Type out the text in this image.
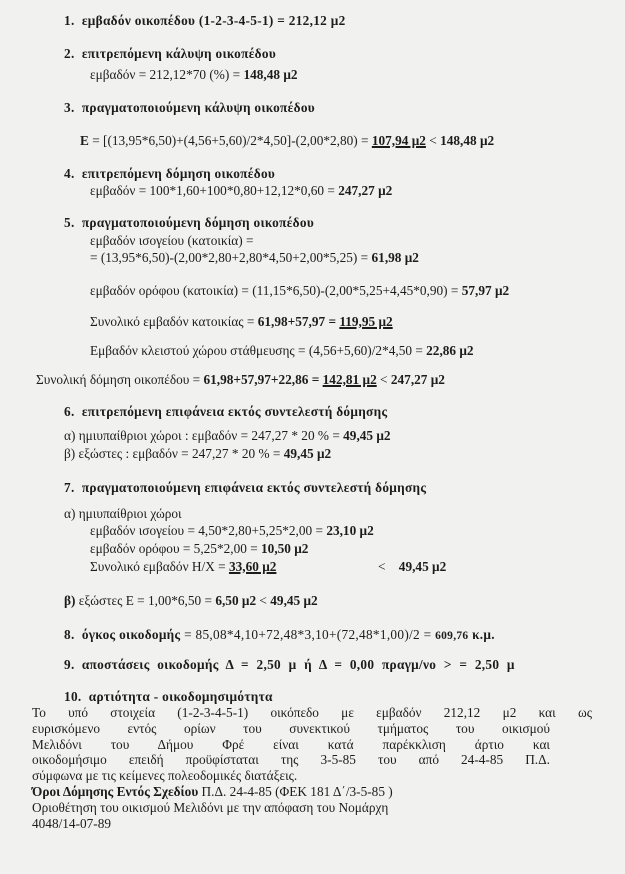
1. εμβαδόν οικοπέδου (1-2-3-4-5-1) = 212,12 μ2
2. επιτρεπόμενη κάλυψη οικοπέδου
εμβαδόν = 212,12*70 (%) = 148,48 μ2
3. πραγματοποιούμενη κάλυψη οικοπέδου
E = [(13,95*6,50)+(4,56+5,60)/2*4,50]-(2,00*2,80) = 107,94 μ2 < 148,48 μ2
4. επιτρεπόμενη δόμηση οικοπέδου
εμβαδόν = 100*1,60+100*0,80+12,12*0,60 = 247,27 μ2
5. πραγματοποιούμενη δόμηση οικοπέδου
εμβαδόν ισογείου (κατοικία) =
= (13,95*6,50)-(2,00*2,80+2,80*4,50+2,00*5,25) = 61,98 μ2
εμβαδόν ορόφου (κατοικία) = (11,15*6,50)-(2,00*5,25+4,45*0,90) = 57,97 μ2
Συνολικό εμβαδόν κατοικίας = 61,98+57,97 = 119,95 μ2
Εμβαδόν κλειστού χώρου στάθμευσης = (4,56+5,60)/2*4,50 = 22,86 μ2
Συνολική δόμηση οικοπέδου = 61,98+57,97+22,86 = 142,81 μ2 < 247,27 μ2
6. επιτρεπόμενη επιφάνεια εκτός συντελεστή δόμησης
α) ημιυπαίθριοι χώροι : εμβαδόν = 247,27 * 20 % = 49,45 μ2
β) εξώστες : εμβαδόν = 247,27 * 20 % = 49,45 μ2
7. πραγματοποιούμενη επιφάνεια εκτός συντελεστή δόμησης
α) ημιυπαίθριοι χώροι
εμβαδόν ισογείου = 4,50*2,80+5,25*2,00 = 23,10 μ2
εμβαδόν ορόφου = 5,25*2,00 = 10,50 μ2
Συνολικό εμβαδόν Η/Χ = 33,60 μ2	< 49,45 μ2
β) εξώστες E = 1,00*6,50 = 6,50 μ2 < 49,45 μ2
8. όγκος οικοδομής = 85,08*4,10+72,48*3,10+(72,48*1,00)/2 = 609,76 κ.μ.
9. αποστάσεις οικοδομής Δ = 2,50 μ ή Δ = 0,00 πραγμ/νο > = 2,50 μ
10. αρτιότητα - οικοδομησιμότητα
Το υπό στοιχεία (1-2-3-4-5-1) οικόπεδο με εμβαδόν 212,12 μ2 και ως
ευρισκόμενο εντός ορίων του συνεκτικού τμήματος του οικισμού
Μελιδόνι του Δήμου Φρέ είναι κατά παρέκκλιση άρτιο και
οικοδομήσιμο επειδή προϋφίσταται της 3-5-85 του από 24-4-85 Π.Δ.
σύμφωνα με τις κείμενες πολεοδομικές διατάξεις.
Όροι Δόμησης Εντός Σχεδίου Π.Δ. 24-4-85 (ΦΕΚ 181 Δ΄/3-5-85 )
Οριοθέτηση του οικισμού Μελιδόνι με την απόφαση του Νομάρχη
4048/14-07-89
